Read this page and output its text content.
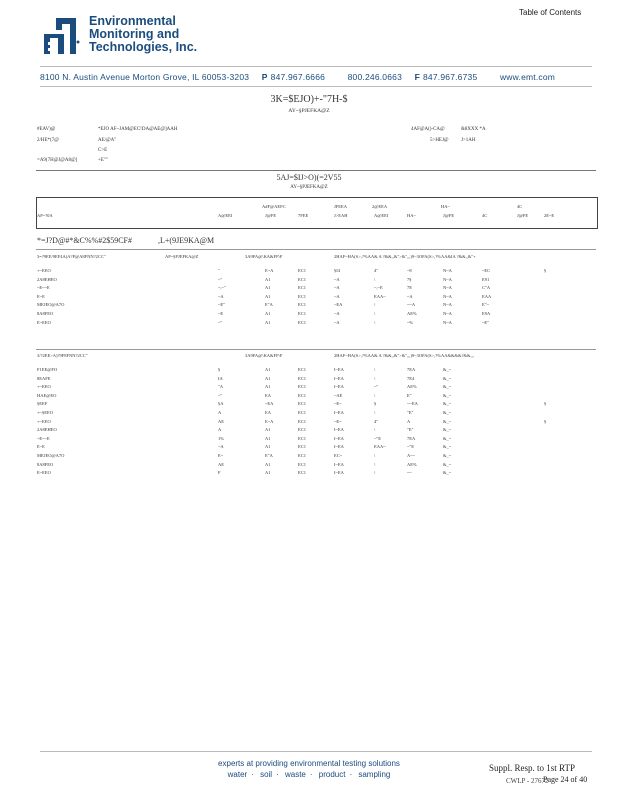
Table of Contents
Environmental
Monitoring and
Technologies, Inc.
8100 N. Austin Avenue Morton Grove, IL 60053-3203 P 847.967.6666	800.246.0663 F 847.967.6735	www.emt.com
3K=$EJO)+-"7H-$
AY~§PJEFKA@Z
#EAV)@	*EJO AF~JAM@EC!DA@AE@]AAH
2/HE*(7@	AE/@A"
C>E
=A9(7H@J@A8@]	+E""
4AF@A()-CA@	&8XXX *A
5>HEJ@ J>1AH
5AJ=$IJ>O)(=2V55
AY~§PJEFKA@Z
A#F@AEFC	JFEEA	2@EEA	HA~	4C
AP~?0A	A@EEI	J@FE	7FEE	J>EAH	A@EEI	HA~	J@FE	4C	J@FE	2E~E
*=J?D@#*&C%%#2$59CF#	,L+(9JE9KA@M
3=?9EE/9EF4A)A?P@A8FNN?2CC"	AP~§PJEFKA@Z	3A9FA@\KA&FF\F	2HAF~HA(S>,?%AA& A ?&&,,&">&",,,)9~3OFA(S>,?%AA&IA ?&&,,&"+
+~EEO	"	E~A	EC1	§I4	4"	~8	N~A	~EC	§
2A8EHEO	~"	A1	EC1	~A	\	7§	N~A	E91
~E~~E	~,~"	A1	EC1	~A	~,~E	7E	N~A	C"A
E~E	~A	A1	EC1	~A	EAA~	~A	N~A	EAA
MEJEO@A7O	~E"	E"A	EC1	~EA	\	~~A	N~A	E"~
8A8FEO	~E	A1	EC1	~A	\	AE%	N~A	E9A
E~EEO	~"	A1	EC1	~A	\	~%	N~A	~E"
3/?2EE>A)?9F8FNN?2CC"	3A9FA@\KA&FF\F	2HAF~HA(S>,?%AA& A ?&&,,&">&",,,)9~3OFA(S>,?%AA&&&&?&&,,,
F1EE@FO	§	A1	EC1	I~EA	\	7EA	&_~
8EAFE	IA	A1	EC1	I~EA	\	7E4	&_~
+~EEO	"A	A1	EC1	I~EA	~"	AE%	&_~
HAE@EO	~"	EA	EC1	~AE	\	E"	&_~
§EEF	§A	~EA	EC1	~E~	§	~~EA	&_~	§
+~§EEO	A	EA	EC1	I~EA	\	"E"	&_~
+~EEO	AE	E~A	EC1	~E~	4"	A	&_~	§
2A8EHEO	A	A1	EC1	I~EA	\	"E"	&_~
~E~~E	1%	A1	EC1	I~EA	~"E	7EA	&_~
E~E	~A	A1	EC1	I~EA	EAA~	~"E	&_~
MEJEO@A7O	E~	E"A	EC1	EC~	\	A~~	&_~
8A8FEO	AE	A1	EC1	I~EA	\	AE%	&_~
E~EEO	F	A1	EC1	I~EA	\	~~	&_~
experts at providing environmental testing solutions
water · soil · waste · product · sampling
Suppl. Resp. to 1st RTP
CWLP - 27672
Page 24 of 40
